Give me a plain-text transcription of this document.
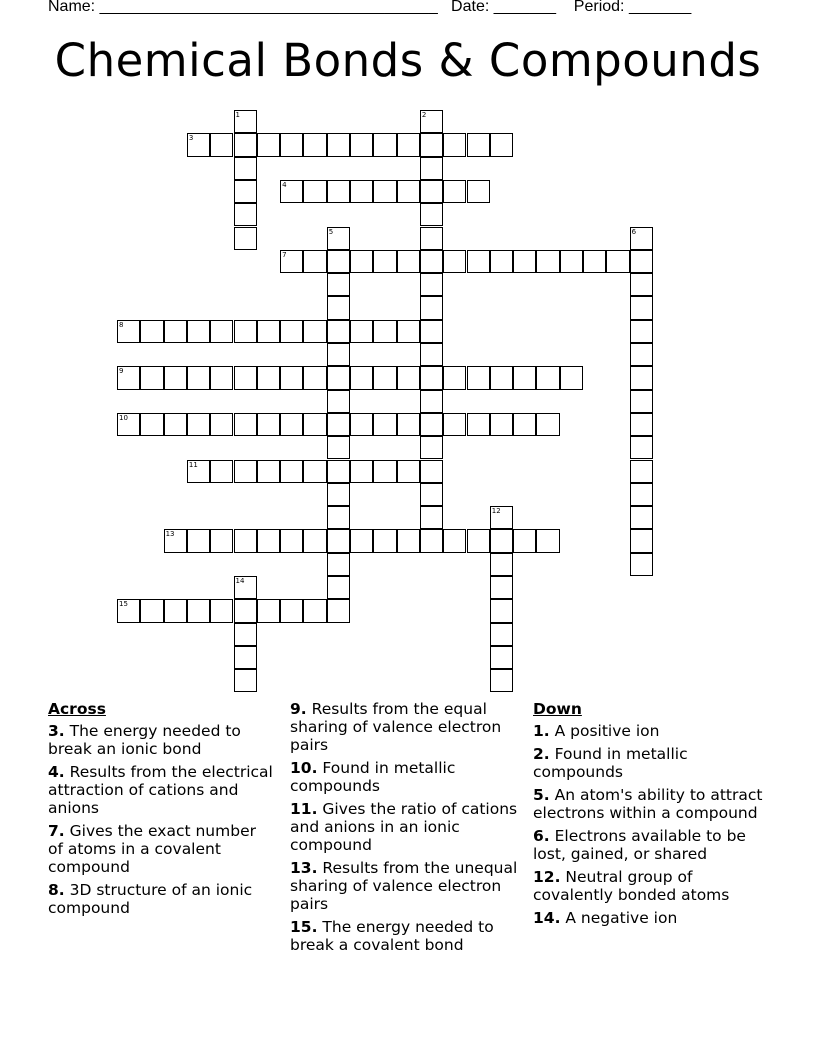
Name: ______________________________________   Date: _______    Period: _______
Chemical Bonds & Compounds
1	2
3
4
5	6
7
8
9
10
11
12
13
14
15
Across
3. The energy needed to break an ionic bond
4. Results from the electrical attraction of cations and anions
7. Gives the exact number of atoms in a covalent compound
8. 3D structure of an ionic compound
9. Results from the equal sharing of valence electron pairs
10. Found in metallic compounds
11. Gives the ratio of cations and anions in an ionic compound
13. Results from the unequal sharing of valence electron pairs
15. The energy needed to break a covalent bond
Down
1. A positive ion
2. Found in metallic compounds
5. An atom's ability to attract electrons within a compound
6. Electrons available to be lost, gained, or shared
12. Neutral group of covalently bonded atoms
14. A negative ion
